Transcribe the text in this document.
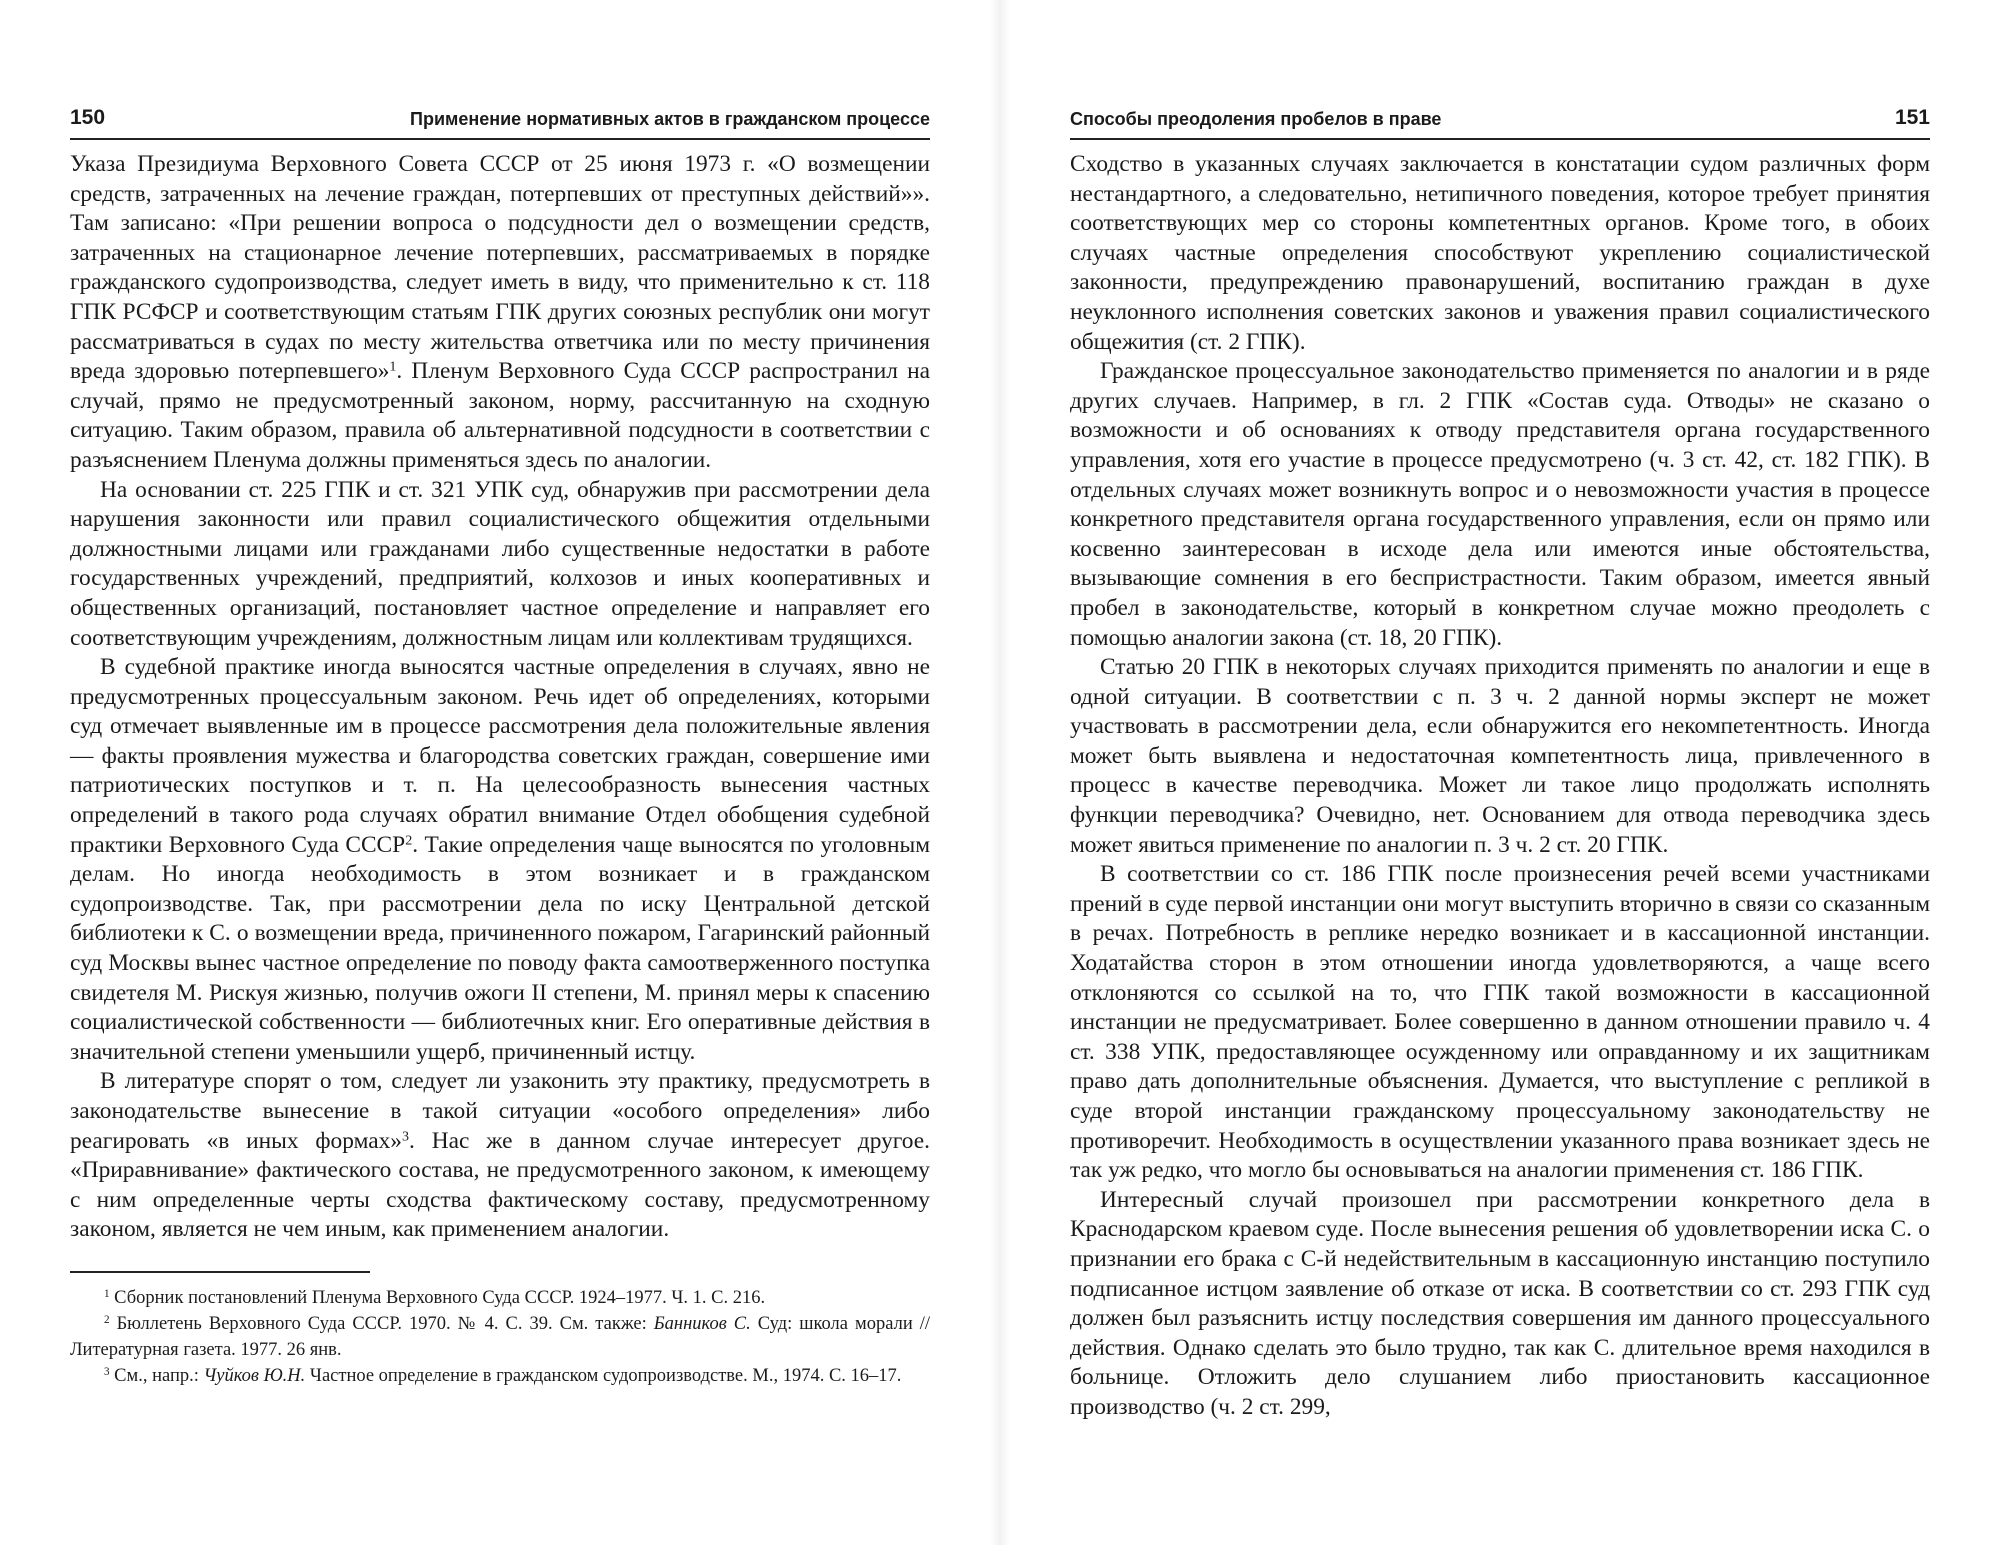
150	Применение нормативных актов в гражданском процессе

Указа Президиума Верховного Совета СССР от 25 июня 1973 г. «О возмещении средств, затраченных на лечение граждан, потерпевших от преступных действий»». Там записано: «При решении вопроса о подсудности дел о возмещении средств, затраченных на стационарное лечение потерпевших, рассматриваемых в порядке гражданского судопроизводства, следует иметь в виду, что применительно к ст. 118 ГПК РСФСР и соответствующим статьям ГПК других союзных республик они могут рассматриваться в судах по месту жительства ответчика или по месту причинения вреда здоровью потерпевшего»$^1$. Пленум Верховного Суда СССР распространил на случай, прямо не предусмотренный законом, норму, рассчитанную на сходную ситуацию. Таким образом, правила об альтернативной подсудности в соответствии с разъяснением Пленума должны применяться здесь по аналогии.

На основании ст. 225 ГПК и ст. 321 УПК суд, обнаружив при рассмотрении дела нарушения законности или правил социалистического общежития отдельными должностными лицами или гражданами либо существенные недостатки в работе государственных учреждений, предприятий, колхозов и иных кооперативных и общественных организаций, постановляет частное определение и направляет его соответствующим учреждениям, должностным лицам или коллективам трудящихся.

В судебной практике иногда выносятся частные определения в случаях, явно не предусмотренных процессуальным законом. Речь идет об определениях, которыми суд отмечает выявленные им в процессе рассмотрения дела положительные явления — факты проявления мужества и благородства советских граждан, совершение ими патриотических поступков и т. п. На целесообразность вынесения частных определений в такого рода случаях обратил внимание Отдел обобщения судебной практики Верховного Суда СССР$^2$. Такие определения чаще выносятся по уголовным делам. Но иногда необходимость в этом возникает и в гражданском судопроизводстве. Так, при рассмотрении дела по иску Центральной детской библиотеки к С. о возмещении вреда, причиненного пожаром, Гагаринский районный суд Москвы вынес частное определение по поводу факта самоотверженного поступка свидетеля М. Рискуя жизнью, получив ожоги II степени, М. принял меры к спасению социалистической собственности — библиотечных книг. Его оперативные действия в значительной степени уменьшили ущерб, причиненный истцу.

В литературе спорят о том, следует ли узаконить эту практику, предусмотреть в законодательстве вынесение в такой ситуации «особого определения» либо реагировать «в иных формах»$^3$. Нас же в данном случае интересует другое. «Приравнивание» фактического состава, не предусмотренного законом, к имеющему с ним определенные черты сходства фактическому составу, предусмотренному законом, является не чем иным, как применением аналогии.

$^1$ Сборник постановлений Пленума Верховного Суда СССР. 1924–1977. Ч. 1. С. 216.

$^2$ Бюллетень Верховного Суда СССР. 1970. № 4. С. 39. См. также: Банников С. Суд: школа морали // Литературная газета. 1977. 26 янв.

$^3$ См., напр.: Чуйков Ю.Н. Частное определение в гражданском судопроизводстве. М., 1974. С. 16–17.

Способы преодоления пробелов в праве	151

Сходство в указанных случаях заключается в констатации судом различных форм нестандартного, а следовательно, нетипичного поведения, которое требует принятия соответствующих мер со стороны компетентных органов. Кроме того, в обоих случаях частные определения способствуют укреплению социалистической законности, предупреждению правонарушений, воспитанию граждан в духе неуклонного исполнения советских законов и уважения правил социалистического общежития (ст. 2 ГПК).

Гражданское процессуальное законодательство применяется по аналогии и в ряде других случаев. Например, в гл. 2 ГПК «Состав суда. Отводы» не сказано о возможности и об основаниях к отводу представителя органа государственного управления, хотя его участие в процессе предусмотрено (ч. 3 ст. 42, ст. 182 ГПК). В отдельных случаях может возникнуть вопрос и о невозможности участия в процессе конкретного представителя органа государственного управления, если он прямо или косвенно заинтересован в исходе дела или имеются иные обстоятельства, вызывающие сомнения в его беспристрастности. Таким образом, имеется явный пробел в законодательстве, который в конкретном случае можно преодолеть с помощью аналогии закона (ст. 18, 20 ГПК).

Статью 20 ГПК в некоторых случаях приходится применять по аналогии и еще в одной ситуации. В соответствии с п. 3 ч. 2 данной нормы эксперт не может участвовать в рассмотрении дела, если обнаружится его некомпетентность. Иногда может быть выявлена и недостаточная компетентность лица, привлеченного в процесс в качестве переводчика. Может ли такое лицо продолжать исполнять функции переводчика? Очевидно, нет. Основанием для отвода переводчика здесь может явиться применение по аналогии п. 3 ч. 2 ст. 20 ГПК.

В соответствии со ст. 186 ГПК после произнесения речей всеми участниками прений в суде первой инстанции они могут выступить вторично в связи со сказанным в речах. Потребность в реплике нередко возникает и в кассационной инстанции. Ходатайства сторон в этом отношении иногда удовлетворяются, а чаще всего отклоняются со ссылкой на то, что ГПК такой возможности в кассационной инстанции не предусматривает. Более совершенно в данном отношении правило ч. 4 ст. 338 УПК, предоставляющее осужденному или оправданному и их защитникам право дать дополнительные объяснения. Думается, что выступление с репликой в суде второй инстанции гражданскому процессуальному законодательству не противоречит. Необходимость в осуществлении указанного права возникает здесь не так уж редко, что могло бы основываться на аналогии применения ст. 186 ГПК.

Интересный случай произошел при рассмотрении конкретного дела в Краснодарском краевом суде. После вынесения решения об удовлетворении иска С. о признании его брака с С-й недействительным в кассационную инстанцию поступило подписанное истцом заявление об отказе от иска. В соответствии со ст. 293 ГПК суд должен был разъяснить истцу последствия совершения им данного процессуального действия. Однако сделать это было трудно, так как С. длительное время находился в больнице. Отложить дело слушанием либо приостановить кассационное производство (ч. 2 ст. 299,
